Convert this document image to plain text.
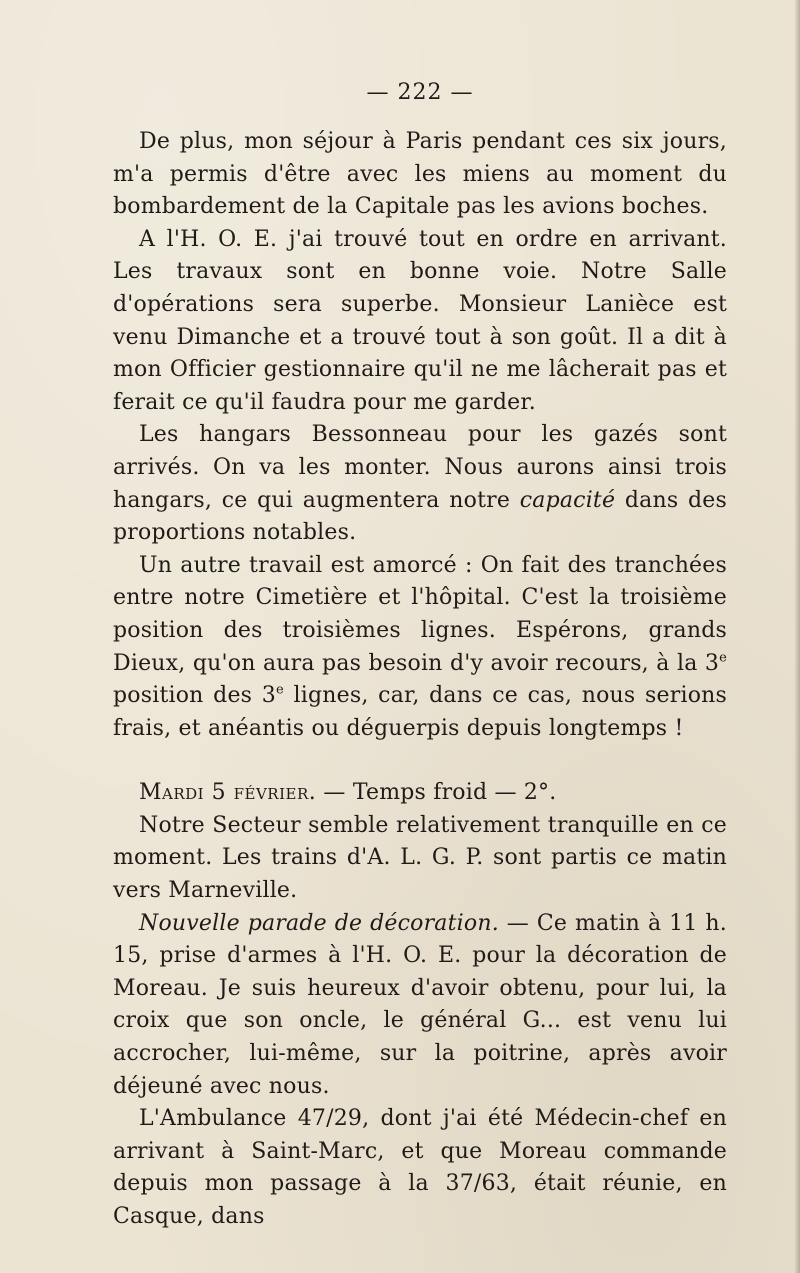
— 222 —

De plus, mon séjour à Paris pendant ces six jours, m'a permis d'être avec les miens au moment du bombardement de la Capitale pas les avions boches.

A l'H. O. E. j'ai trouvé tout en ordre en arrivant. Les travaux sont en bonne voie. Notre Salle d'opérations sera superbe. Monsieur Lanièce est venu Dimanche et a trouvé tout à son goût. Il a dit à mon Officier gestionnaire qu'il ne me lâcherait pas et ferait ce qu'il faudra pour me garder.

Les hangars Bessonneau pour les gazés sont arrivés. On va les monter. Nous aurons ainsi trois hangars, ce qui augmentera notre capacité dans des proportions notables.

Un autre travail est amorcé : On fait des tranchées entre notre Cimetière et l'hôpital. C'est la troisième position des troisièmes lignes. Espérons, grands Dieux, qu'on aura pas besoin d'y avoir recours, à la 3e position des 3e lignes, car, dans ce cas, nous serions frais, et anéantis ou déguerpis depuis longtemps !

Mardi 5 février. — Temps froid — 2°.

Notre Secteur semble relativement tranquille en ce moment. Les trains d'A. L. G. P. sont partis ce matin vers Marneville.

Nouvelle parade de décoration. — Ce matin à 11 h. 15, prise d'armes à l'H. O. E. pour la décoration de Moreau. Je suis heureux d'avoir obtenu, pour lui, la croix que son oncle, le général G... est venu lui accrocher, lui-même, sur la poitrine, après avoir déjeuné avec nous.

L'Ambulance 47/29, dont j'ai été Médecin-chef en arrivant à Saint-Marc, et que Moreau commande depuis mon passage à la 37/63, était réunie, en Casque, dans
